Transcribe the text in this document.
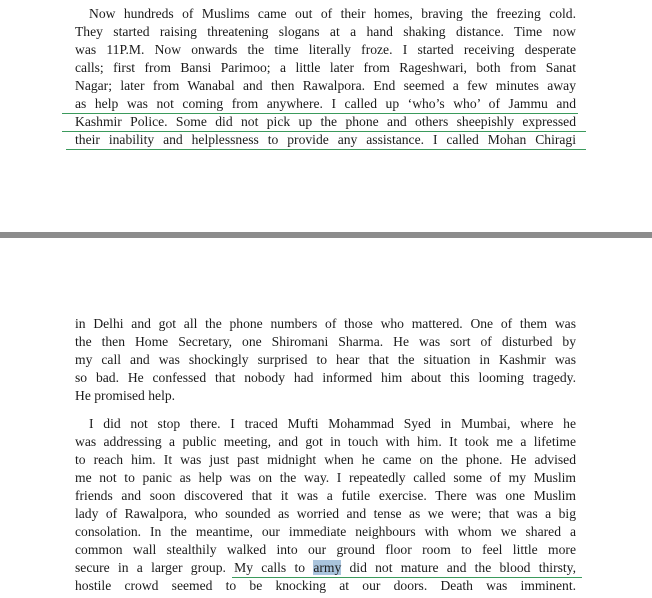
Now hundreds of Muslims came out of their homes, braving the freezing cold.
They started raising threatening slogans at a hand shaking distance. Time now
was 11P.M. Now onwards the time literally froze. I started receiving desperate
calls; first from Bansi Parimoo; a little later from Rageshwari, both from Sanat
Nagar; later from Wanabal and then Rawalpora. End seemed a few minutes away
as help was not coming from anywhere. I called up ‘who’s who’ of Jammu and
Kashmir Police. Some did not pick up the phone and others sheepishly expressed
their inability and helplessness to provide any assistance. I called Mohan Chiragi
in Delhi and got all the phone numbers of those who mattered. One of them was
the then Home Secretary, one Shiromani Sharma. He was sort of disturbed by
my call and was shockingly surprised to hear that the situation in Kashmir was
so bad. He confessed that nobody had informed him about this looming tragedy.
He promised help.
I did not stop there. I traced Mufti Mohammad Syed in Mumbai, where he
was addressing a public meeting, and got in touch with him. It took me a lifetime
to reach him. It was just past midnight when he came on the phone. He advised
me not to panic as help was on the way. I repeatedly called some of my Muslim
friends and soon discovered that it was a futile exercise. There was one Muslim
lady of Rawalpora, who sounded as worried and tense as we were; that was a big
consolation. In the meantime, our immediate neighbours with whom we shared a
common wall stealthily walked into our ground floor room to feel little more
secure in a larger group. My calls to army did not mature and the blood thirsty,
hostile crowd seemed to be knocking at our doors. Death was imminent.
